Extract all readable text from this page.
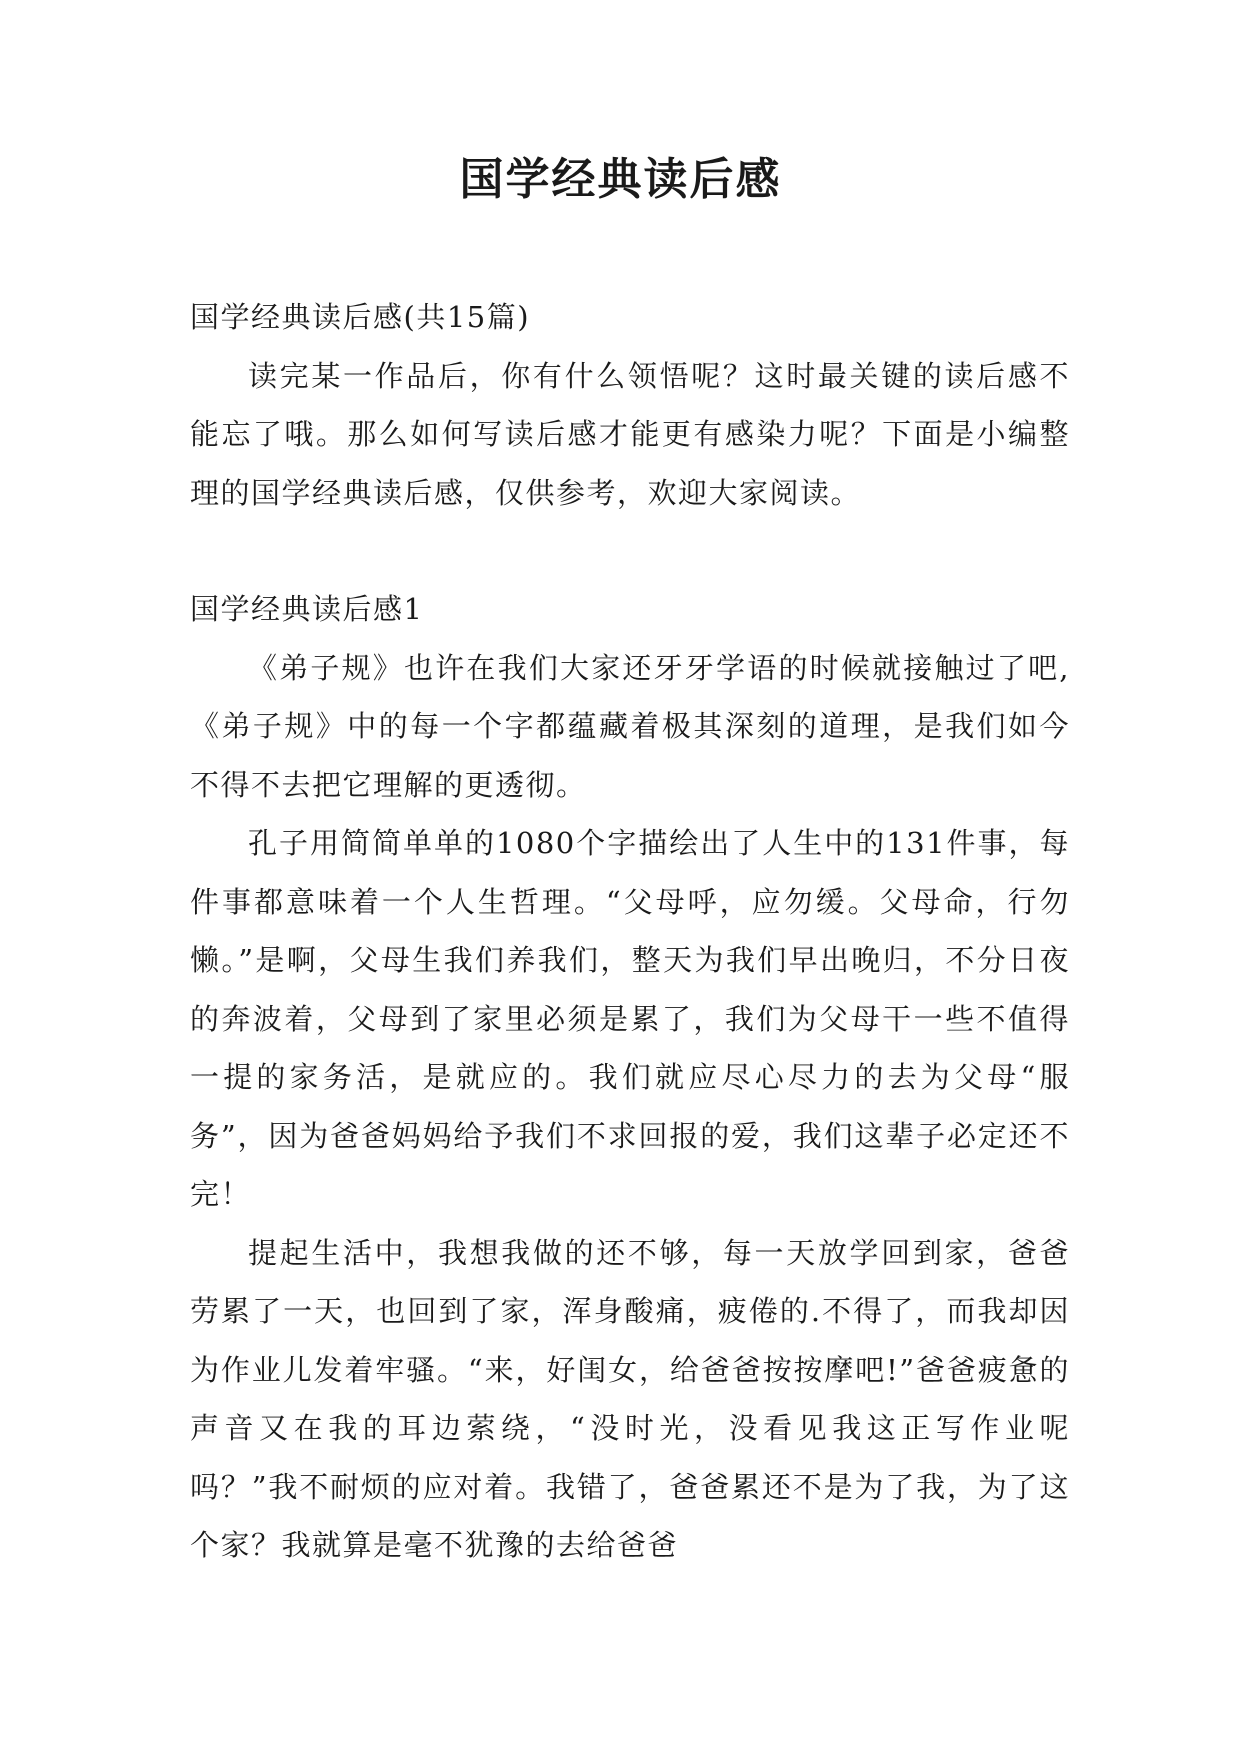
国学经典读后感

国学经典读后感(共15篇)

读完某一作品后，你有什么领悟呢？这时最关键的读后感不能忘了哦。那么如何写读后感才能更有感染力呢？下面是小编整理的国学经典读后感，仅供参考，欢迎大家阅读。

国学经典读后感1

《弟子规》也许在我们大家还牙牙学语的时候就接触过了吧,《弟子规》中的每一个字都蕴藏着极其深刻的道理，是我们如今不得不去把它理解的更透彻。

孔子用简简单单的1080个字描绘出了人生中的131件事，每件事都意味着一个人生哲理。“父母呼，应勿缓。父母命，行勿懒。”是啊，父母生我们养我们，整天为我们早出晚归，不分日夜的奔波着，父母到了家里必须是累了，我们为父母干一些不值得一提的家务活，是就应的。我们就应尽心尽力的去为父母“服务”，因为爸爸妈妈给予我们不求回报的爱，我们这辈子必定还不完！

提起生活中，我想我做的还不够，每一天放学回到家，爸爸劳累了一天，也回到了家，浑身酸痛，疲倦的.不得了，而我却因为作业儿发着牢骚。“来，好闺女，给爸爸按按摩吧!”爸爸疲惫的声音又在我的耳边萦绕，“没时光，没看见我这正写作业呢吗？”我不耐烦的应对着。我错了，爸爸累还不是为了我，为了这个家？我就算是毫不犹豫的去给爸爸
